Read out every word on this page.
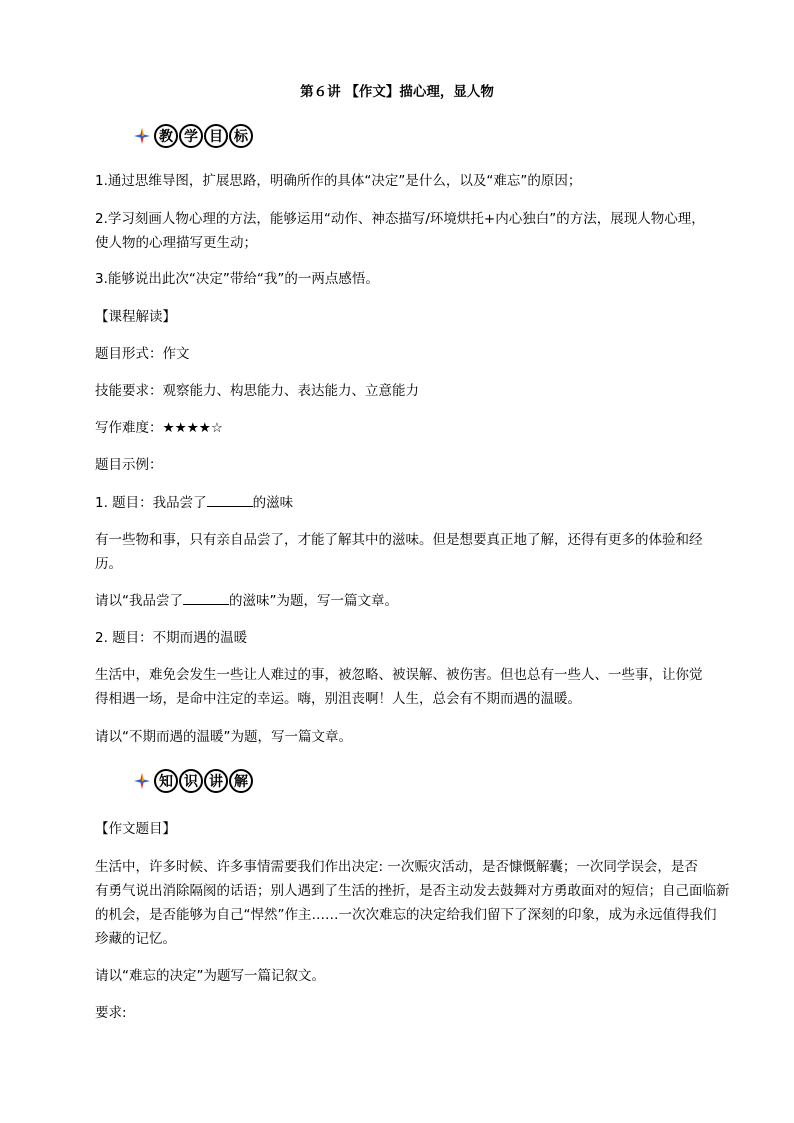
第６讲 【作文】描心理，显人物
教 学 目 标

1.通过思维导图，扩展思路，明确所作的具体“决定”是什么，以及“难忘”的原因；

2.学习刻画人物心理的方法，能够运用“动作、神态描写/环境烘托+内心独白”的方法，展现人物心理，

使人物的心理描写更生动；

3.能够说出此次“决定”带给“我”的一两点感悟。

【课程解读】

题目形式：作文

技能要求：观察能力、构思能力、表达能力、立意能力

写作难度：★★★★☆

题目示例：

1. 题目：我品尝了	的滋味

有一些物和事，只有亲自品尝了，才能了解其中的滋味。但是想要真正地了解，还得有更多的体验和经

历。

请以“我品尝了	的滋味”为题，写一篇文章。

2. 题目：不期而遇的温暖

生活中，难免会发生一些让人难过的事，被忽略、被误解、被伤害。但也总有一些人、一些事，让你觉

得相遇一场，是命中注定的幸运。嗨，别沮丧啊！人生，总会有不期而遇的温暖。

请以“不期而遇的温暖”为题，写一篇文章。

知 识 讲 解

【作文题目】

生活中，许多时候、许多事情需要我们作出决定: 一次赈灾活动，是否慷慨解囊；一次同学误会，是否

有勇气说出消除隔阂的话语；别人遇到了生活的挫折，是否主动发去鼓舞对方勇敢面对的短信；自己面临新

的机会，是否能够为自己“悍然”作主……一次次难忘的决定给我们留下了深刻的印象，成为永远值得我们

珍藏的记忆。

请以“难忘的决定”为题写一篇记叙文。

要求:
